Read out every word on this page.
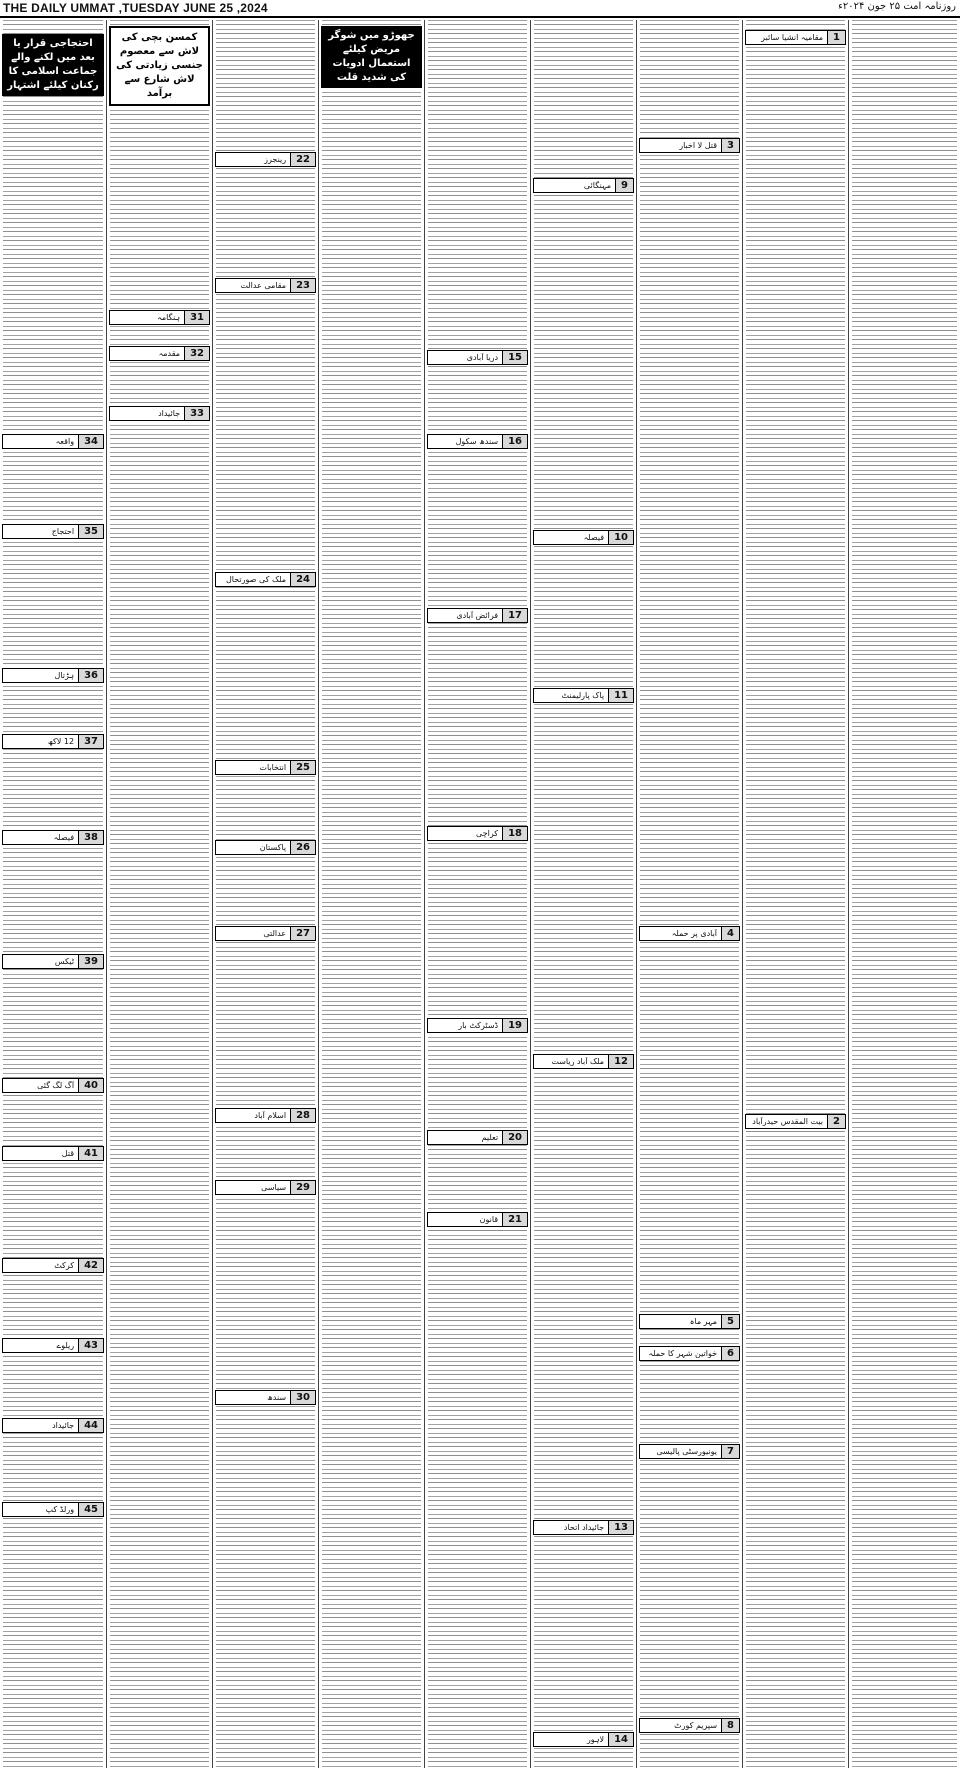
THE DAILY UMMAT ,TUESDAY JUNE 25 ,2024	روزنامہ امت ۲۵ جون ۲۰۲۴ء
احتجاجی قرار یا بعد میں لکنے والے جماعت اسلامی کا رکنان کیلئے اشتہار
34
واقعہ
35
احتجاج
36
ہڑتال
37
12 لاکھ
38
فیصلہ
39
ٹیکس
40
آگ لگ گئی
41
قتل
42
کرکٹ
43
ریلوے
44
جائیداد
45
ورلڈ کپ
کمسن بچی کی لاش سے معصوم جنسی زیادتی کی لاش شارع سے برآمد
31
ہنگامہ
32
مقدمہ
33
جائیداد
22
رینجرز
23
مقامی عدالت
24
ملک کی صورتحال
25
انتخابات
26
پاکستان
27
عدالتی
28
اسلام آباد
29
سیاسی
30
سندھ
جھوڑو میں شوگر مریض کیلئے استعمال ادویات کی شدید قلت
15
دریا آبادی
16
سندھ سکول
17
فرائض آبادی
18
کراچی
19
ڈسٹرکٹ بار
20
تعلیم
21
قانون
9
مہنگائی
10
فیصلہ
11
پاک پارلیمنٹ
12
ملک آباد ریاست
13
جائیداد اتحاد
14
لاہور
3
قتل لا اخبار
4
آبادی پر حملہ
5
مہر ماہ
6
خواتین شہر کا حملہ
7
یونیورسٹی پالیسی
8
سپریم کورٹ
1
مقامیہ انشیا سائبر
2
بیت المقدس حیدرآباد
